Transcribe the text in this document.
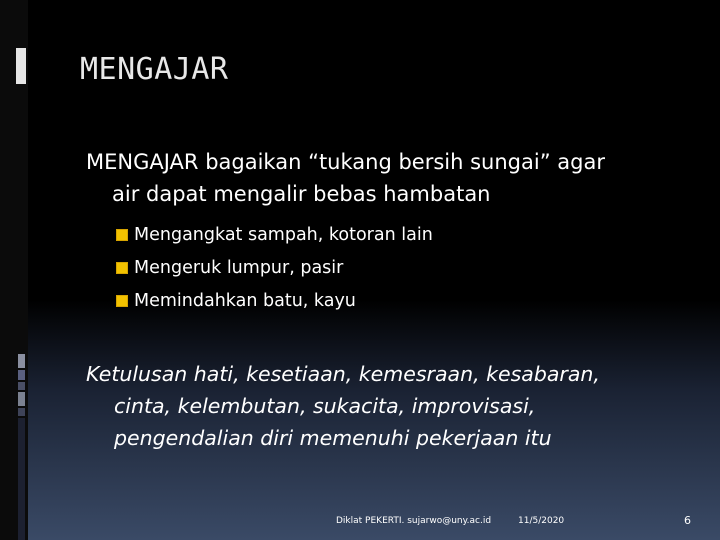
MENGAJAR

MENGAJAR bagaikan “tukang bersih sungai” agar
air dapat mengalir bebas hambatan

Mengangkat sampah, kotoran lain
Mengeruk lumpur, pasir
Memindahkan batu, kayu

Ketulusan hati, kesetiaan, kemesraan, kesabaran,
cinta, kelembutan, sukacita, improvisasi,
pengendalian diri memenuhi pekerjaan itu

Diklat PEKERTI. sujarwo@uny.ac.id	11/5/2020	6
